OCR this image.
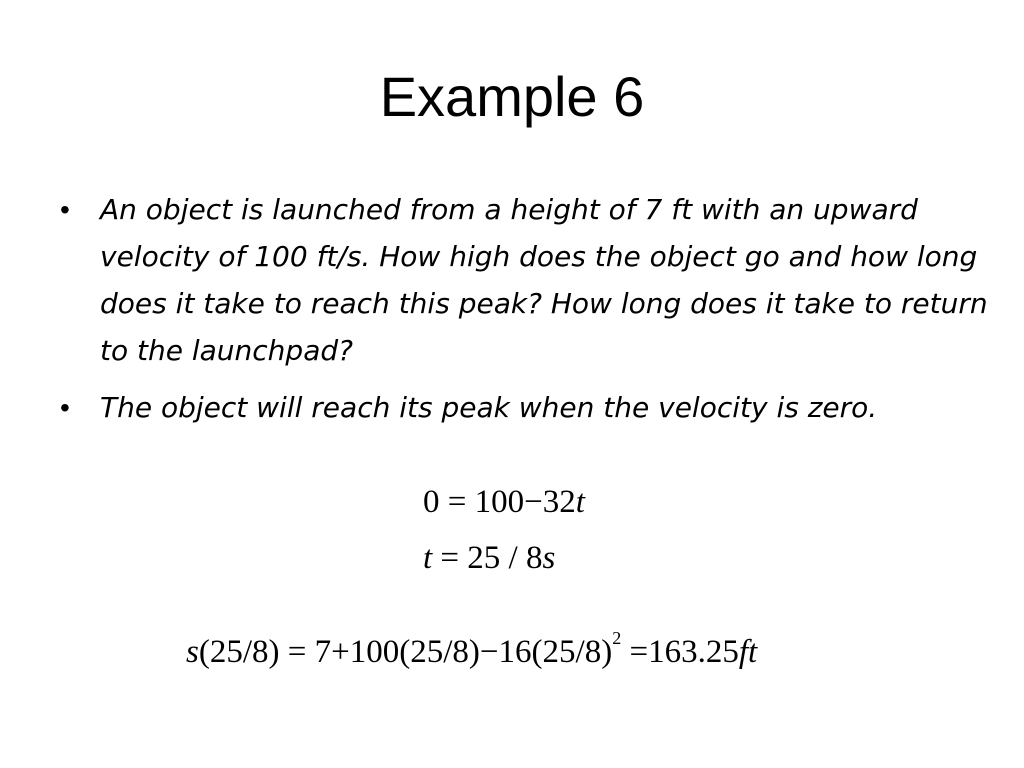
Example 6
• An object is launched from a height of 7 ft with an upward velocity of 100 ft/s. How high does the object go and how long does it take to reach this peak? How long does it take to return to the launchpad?
• The object will reach its peak when the velocity is zero.
0 = 100−32t
t = 25 / 8s
$s(25/8) = 7+100(25/8)-16(25/8)^2 =163.25ft$
